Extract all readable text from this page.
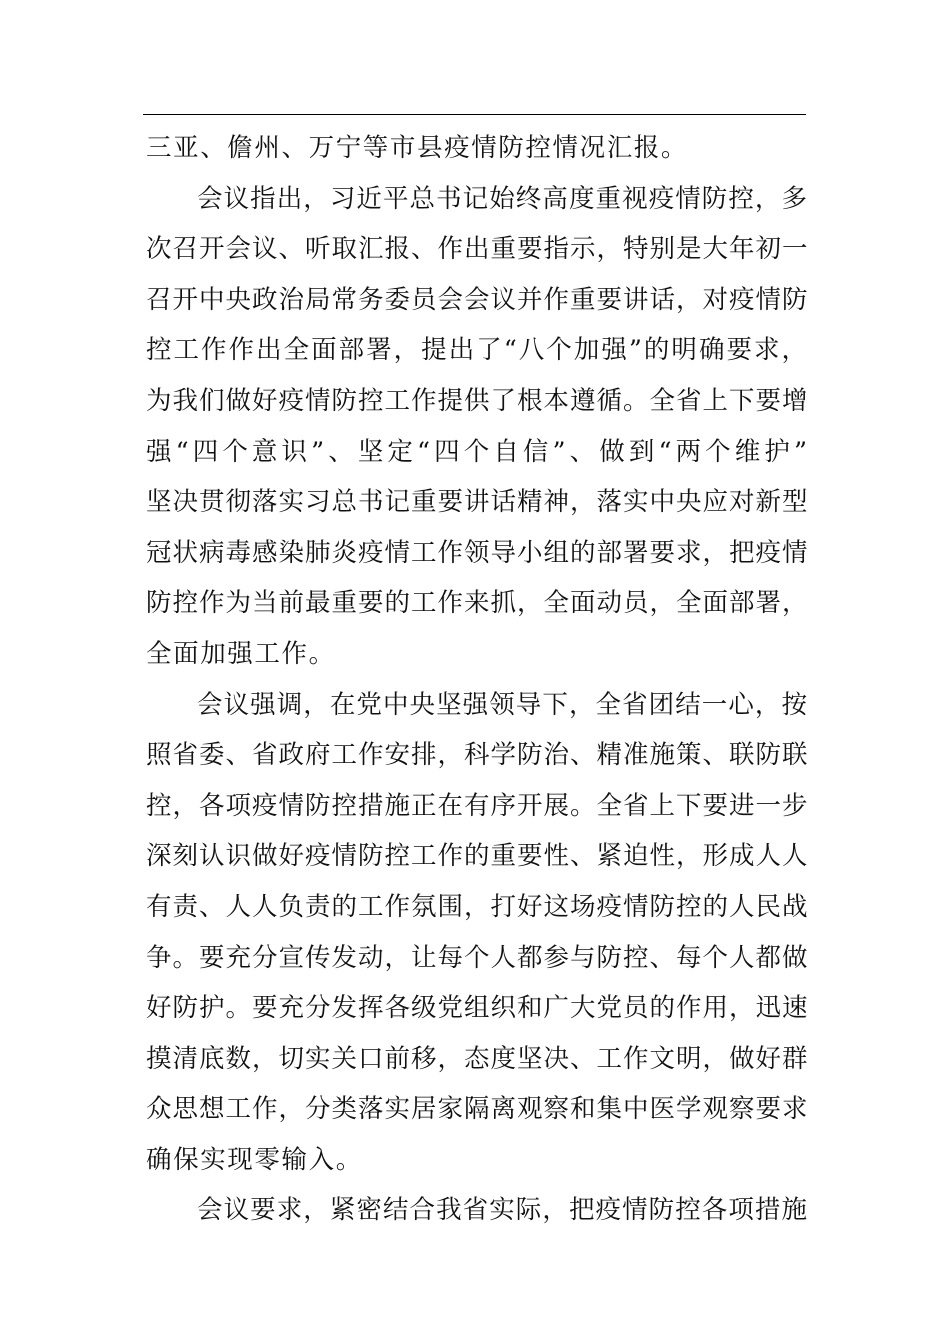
三亚、儋州、万宁等市县疫情防控情况汇报。
会议指出，习近平总书记始终高度重视疫情防控，多
次召开会议、听取汇报、作出重要指示，特别是大年初一
召开中央政治局常务委员会会议并作重要讲话，对疫情防
控工作作出全面部署，提出了“八个加强”的明确要求，
为我们做好疫情防控工作提供了根本遵循。全省上下要增
强“四个意识”、坚定“四个自信”、做到“两个维护”
坚决贯彻落实习总书记重要讲话精神，落实中央应对新型
冠状病毒感染肺炎疫情工作领导小组的部署要求，把疫情
防控作为当前最重要的工作来抓，全面动员，全面部署，
全面加强工作。
会议强调，在党中央坚强领导下，全省团结一心，按
照省委、省政府工作安排，科学防治、精准施策、联防联
控，各项疫情防控措施正在有序开展。全省上下要进一步
深刻认识做好疫情防控工作的重要性、紧迫性，形成人人
有责、人人负责的工作氛围，打好这场疫情防控的人民战
争。要充分宣传发动，让每个人都参与防控、每个人都做
好防护。要充分发挥各级党组织和广大党员的作用，迅速
摸清底数，切实关口前移，态度坚决、工作文明，做好群
众思想工作，分类落实居家隔离观察和集中医学观察要求
确保实现零输入。
会议要求，紧密结合我省实际，把疫情防控各项措施
